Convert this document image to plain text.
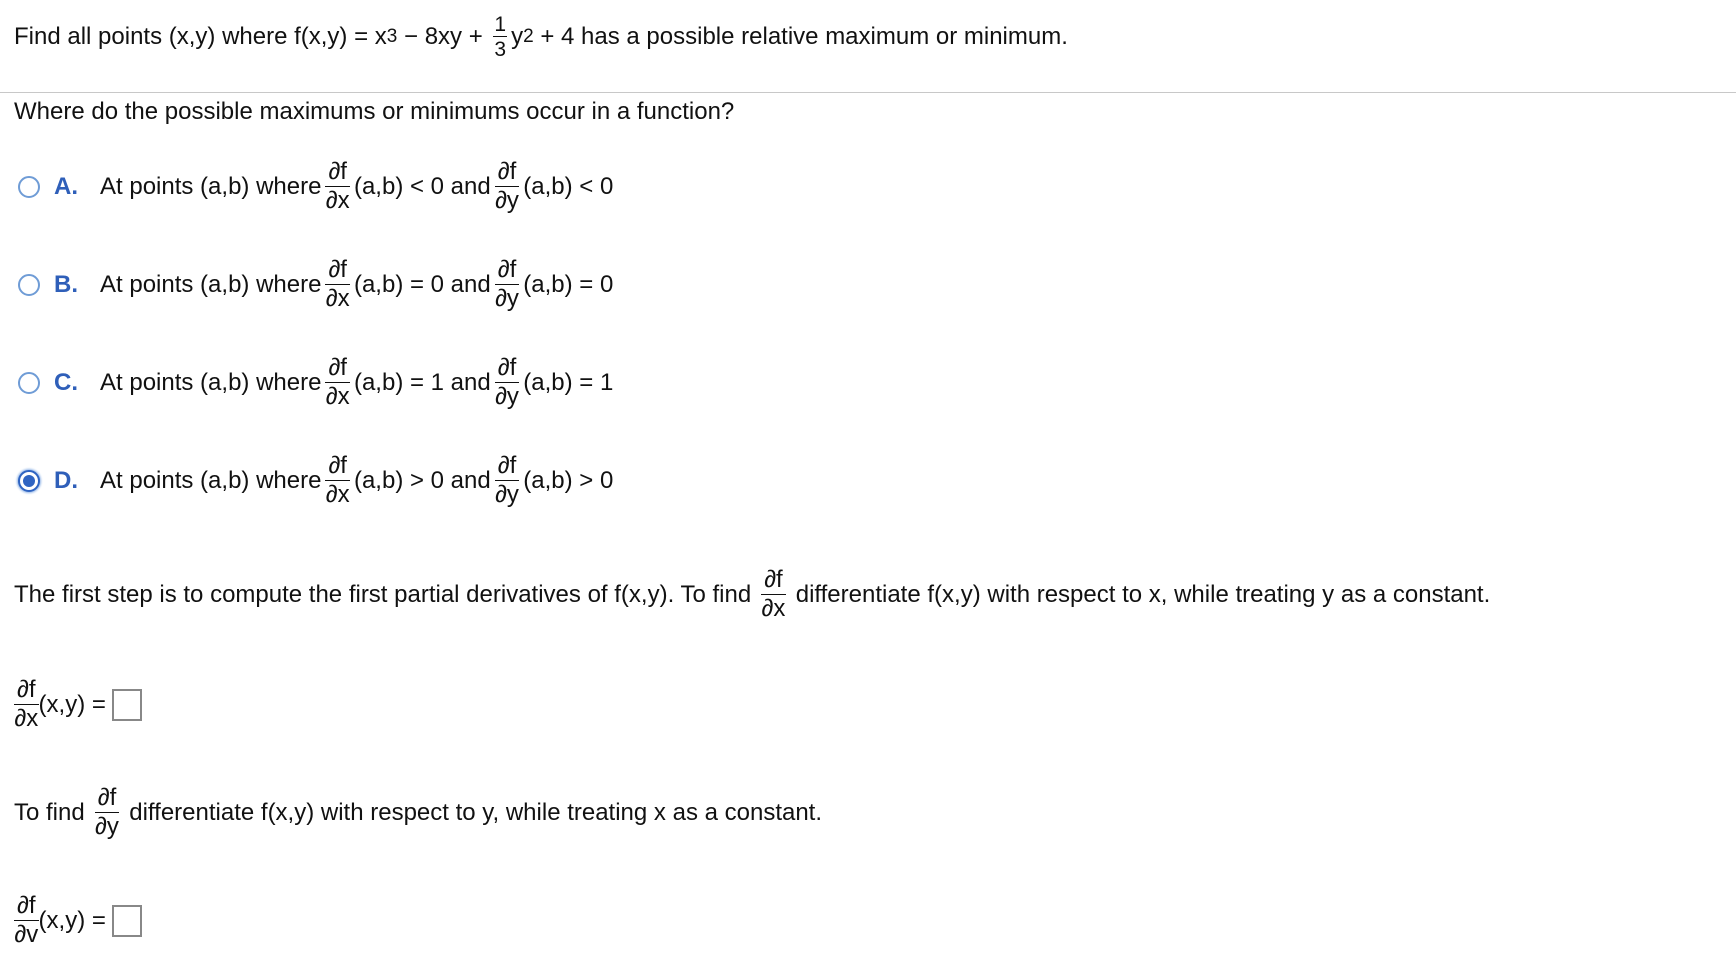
Find all points (x,y) where f(x,y) = x $3 - 8xy + \frac{1}{3}$ y 2 + 4 has a possible relative maximum or minimum.
Where do the possible maximums or minimums occur in a function?
A. At points (a,b) where $\frac{\partial f}{\partial x} (a,b) < 0$ and $\frac{\partial f}{\partial y} (a,b) < 0$
B. At points (a,b) where $\frac{\partial f}{\partial x} (a,b) = 0$ and $\frac{\partial f}{\partial y} (a,b) = 0$
C. At points (a,b) where $\frac{\partial f}{\partial x} (a,b) = 1$ and $\frac{\partial f}{\partial y} (a,b) = 1$
D. At points (a,b) where $\frac{\partial f}{\partial x} (a,b) > 0$ and $\frac{\partial f}{\partial y} (a,b) > 0$
The first step is to compute the first partial derivatives of f(x,y). To find $\frac{\partial f}{\partial x}$ differentiate f(x,y) with respect to x, while treating y as a constant.
$\frac{\partial f}{\partial x} (x,y)$ =
To find $\frac{\partial f}{\partial y}$ differentiate f(x,y) with respect to y, while treating x as a constant.
$\frac{\partial f}{\partial v} (x,y)$ =
